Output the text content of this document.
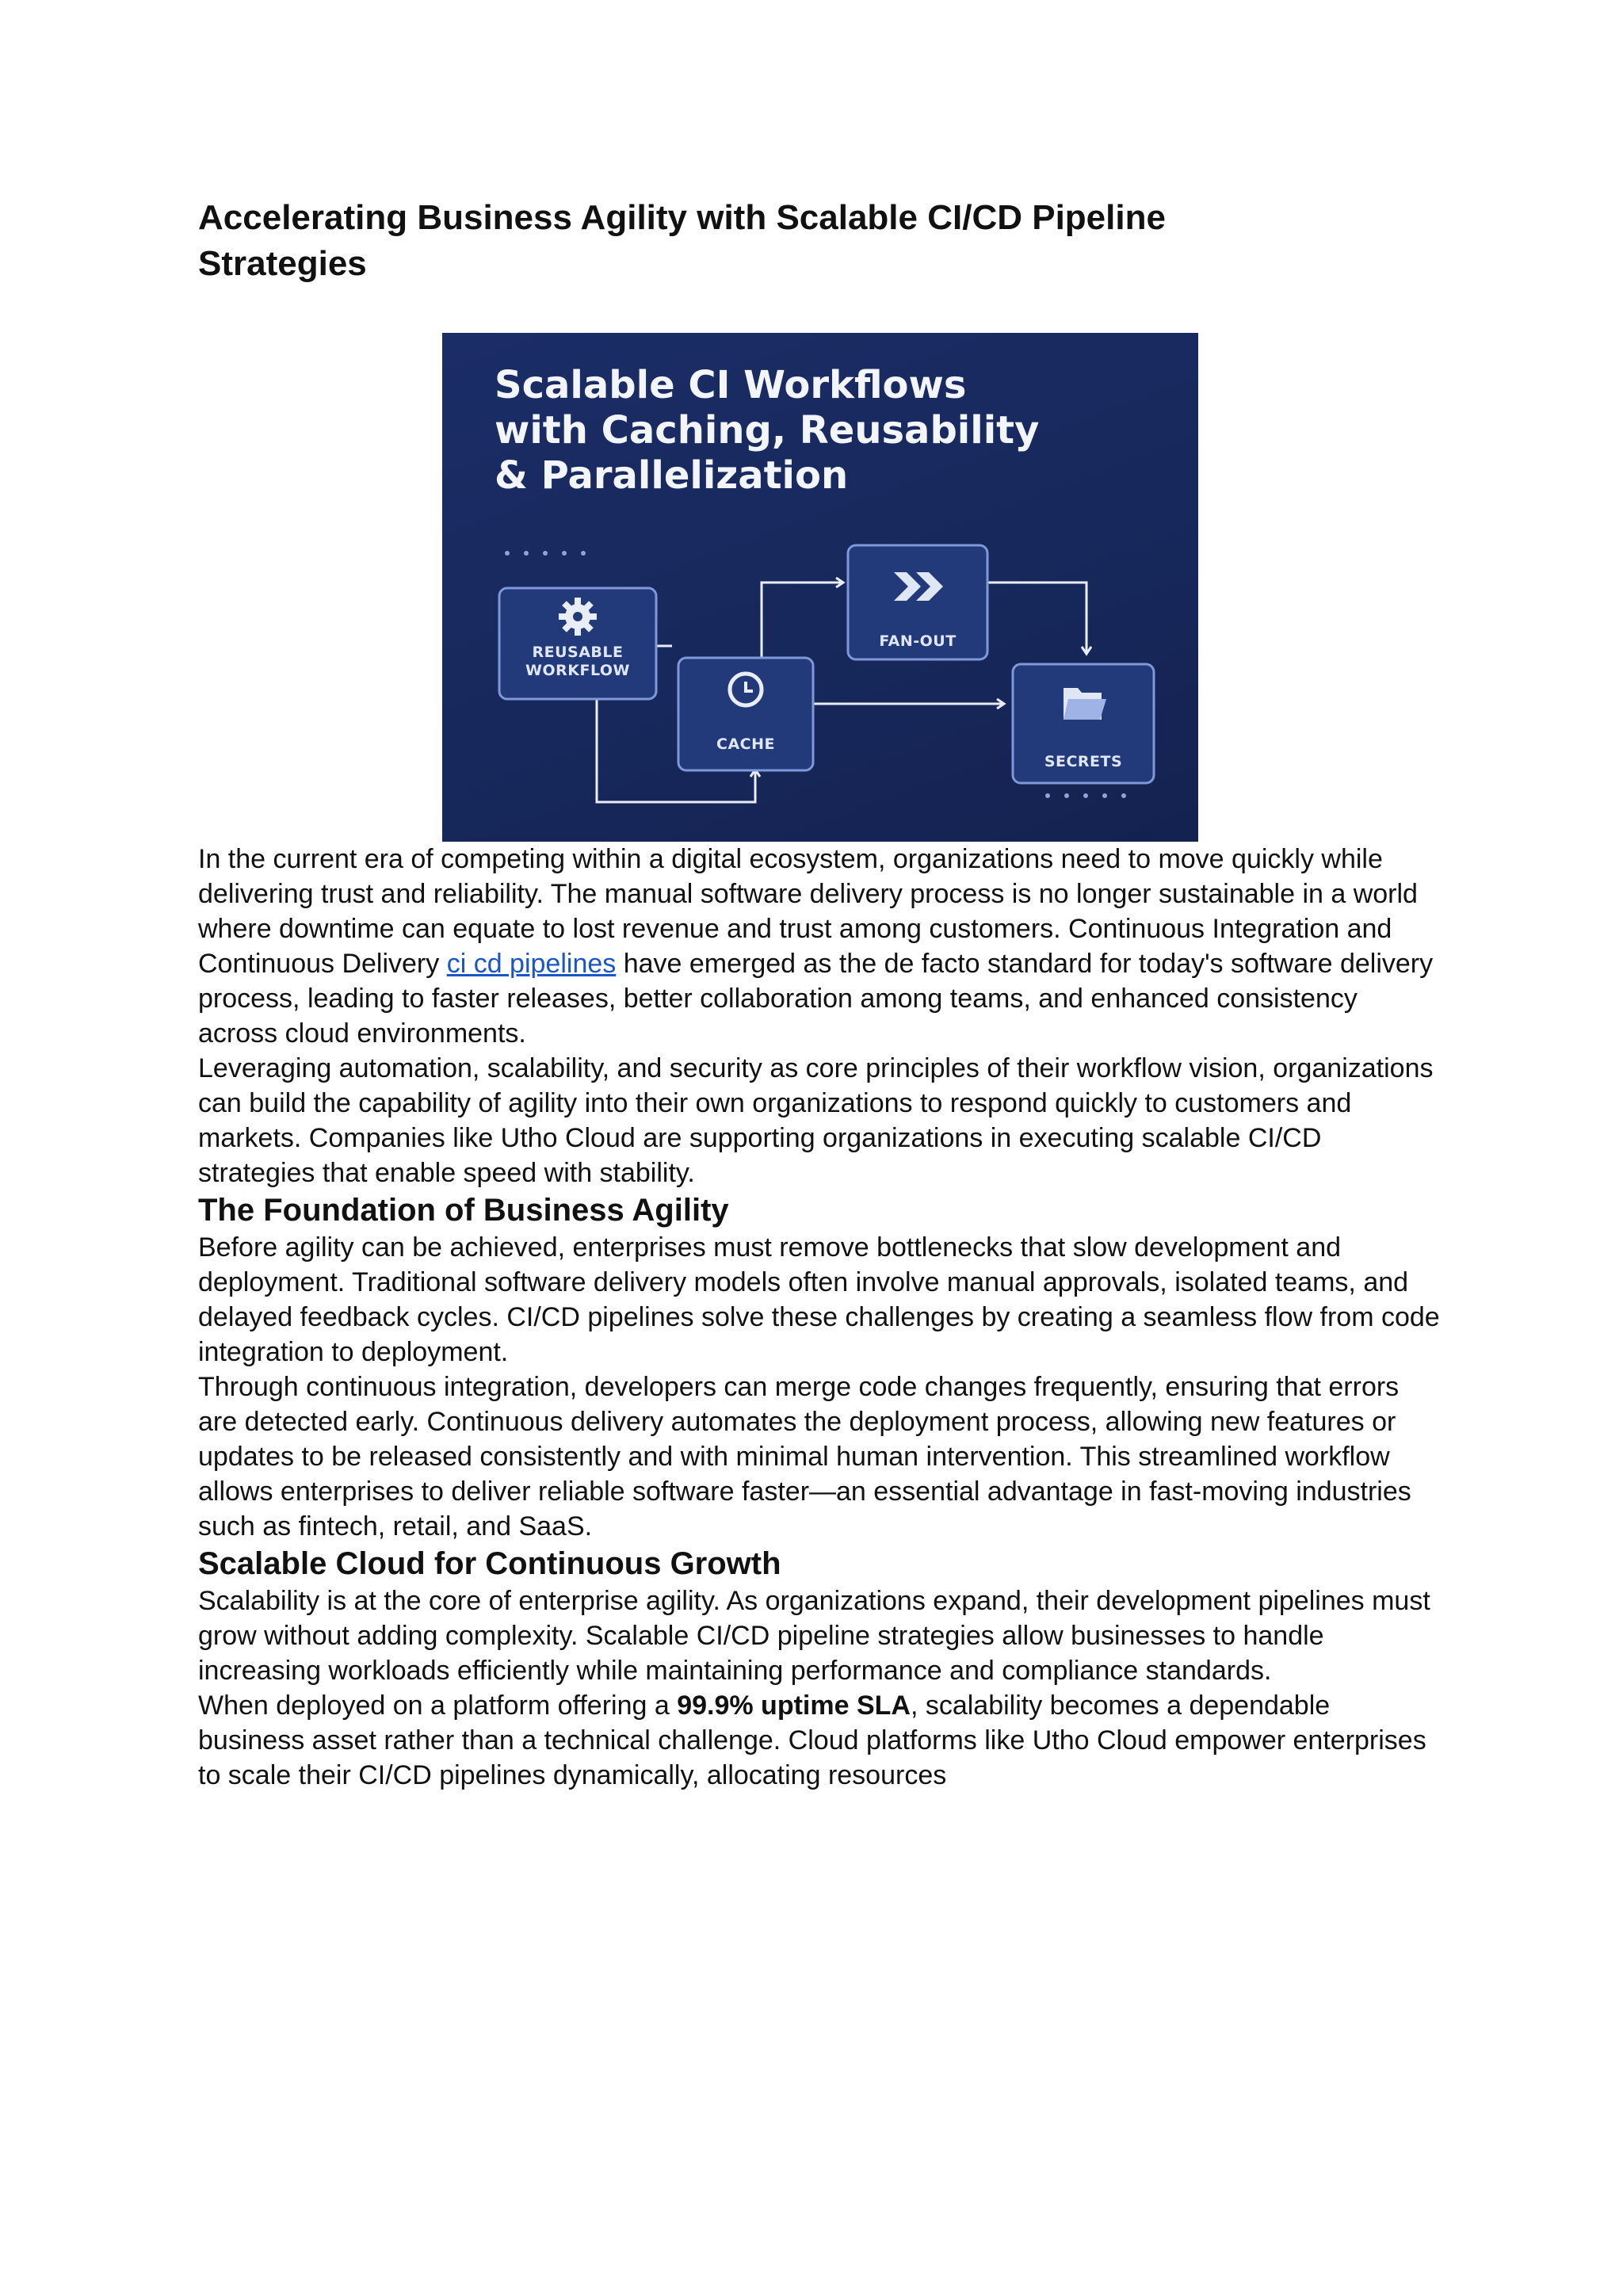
Accelerating Business Agility with Scalable CI/CD Pipeline
Strategies
Scalable CI Workflows
with Caching, Reusability
& Parallelization
REUSABLE
WORKFLOW
CACHE
FAN-OUT
SECRETS

In the current era of competing within a digital ecosystem, organizations need to move quickly while delivering trust and reliability. The manual software delivery process is no longer sustainable in a world where downtime can equate to lost revenue and trust among customers. Continuous Integration and Continuous Delivery ci cd pipelines have emerged as the de facto standard for today's software delivery process, leading to faster releases, better collaboration among teams, and enhanced consistency across cloud environments.

Leveraging automation, scalability, and security as core principles of their workflow vision, organizations can build the capability of agility into their own organizations to respond quickly to customers and markets. Companies like Utho Cloud are supporting organizations in executing scalable CI/CD strategies that enable speed with stability.

The Foundation of Business Agility

Before agility can be achieved, enterprises must remove bottlenecks that slow development and deployment. Traditional software delivery models often involve manual approvals, isolated teams, and delayed feedback cycles. CI/CD pipelines solve these challenges by creating a seamless flow from code integration to deployment.

Through continuous integration, developers can merge code changes frequently, ensuring that errors are detected early. Continuous delivery automates the deployment process, allowing new features or updates to be released consistently and with minimal human intervention. This streamlined workflow allows enterprises to deliver reliable software faster—an essential advantage in fast-moving industries such as fintech, retail, and SaaS.

Scalable Cloud for Continuous Growth

Scalability is at the core of enterprise agility. As organizations expand, their development pipelines must grow without adding complexity. Scalable CI/CD pipeline strategies allow businesses to handle increasing workloads efficiently while maintaining performance and compliance standards.

When deployed on a platform offering a 99.9% uptime SLA, scalability becomes a dependable business asset rather than a technical challenge. Cloud platforms like Utho Cloud empower enterprises to scale their CI/CD pipelines dynamically, allocating resources
